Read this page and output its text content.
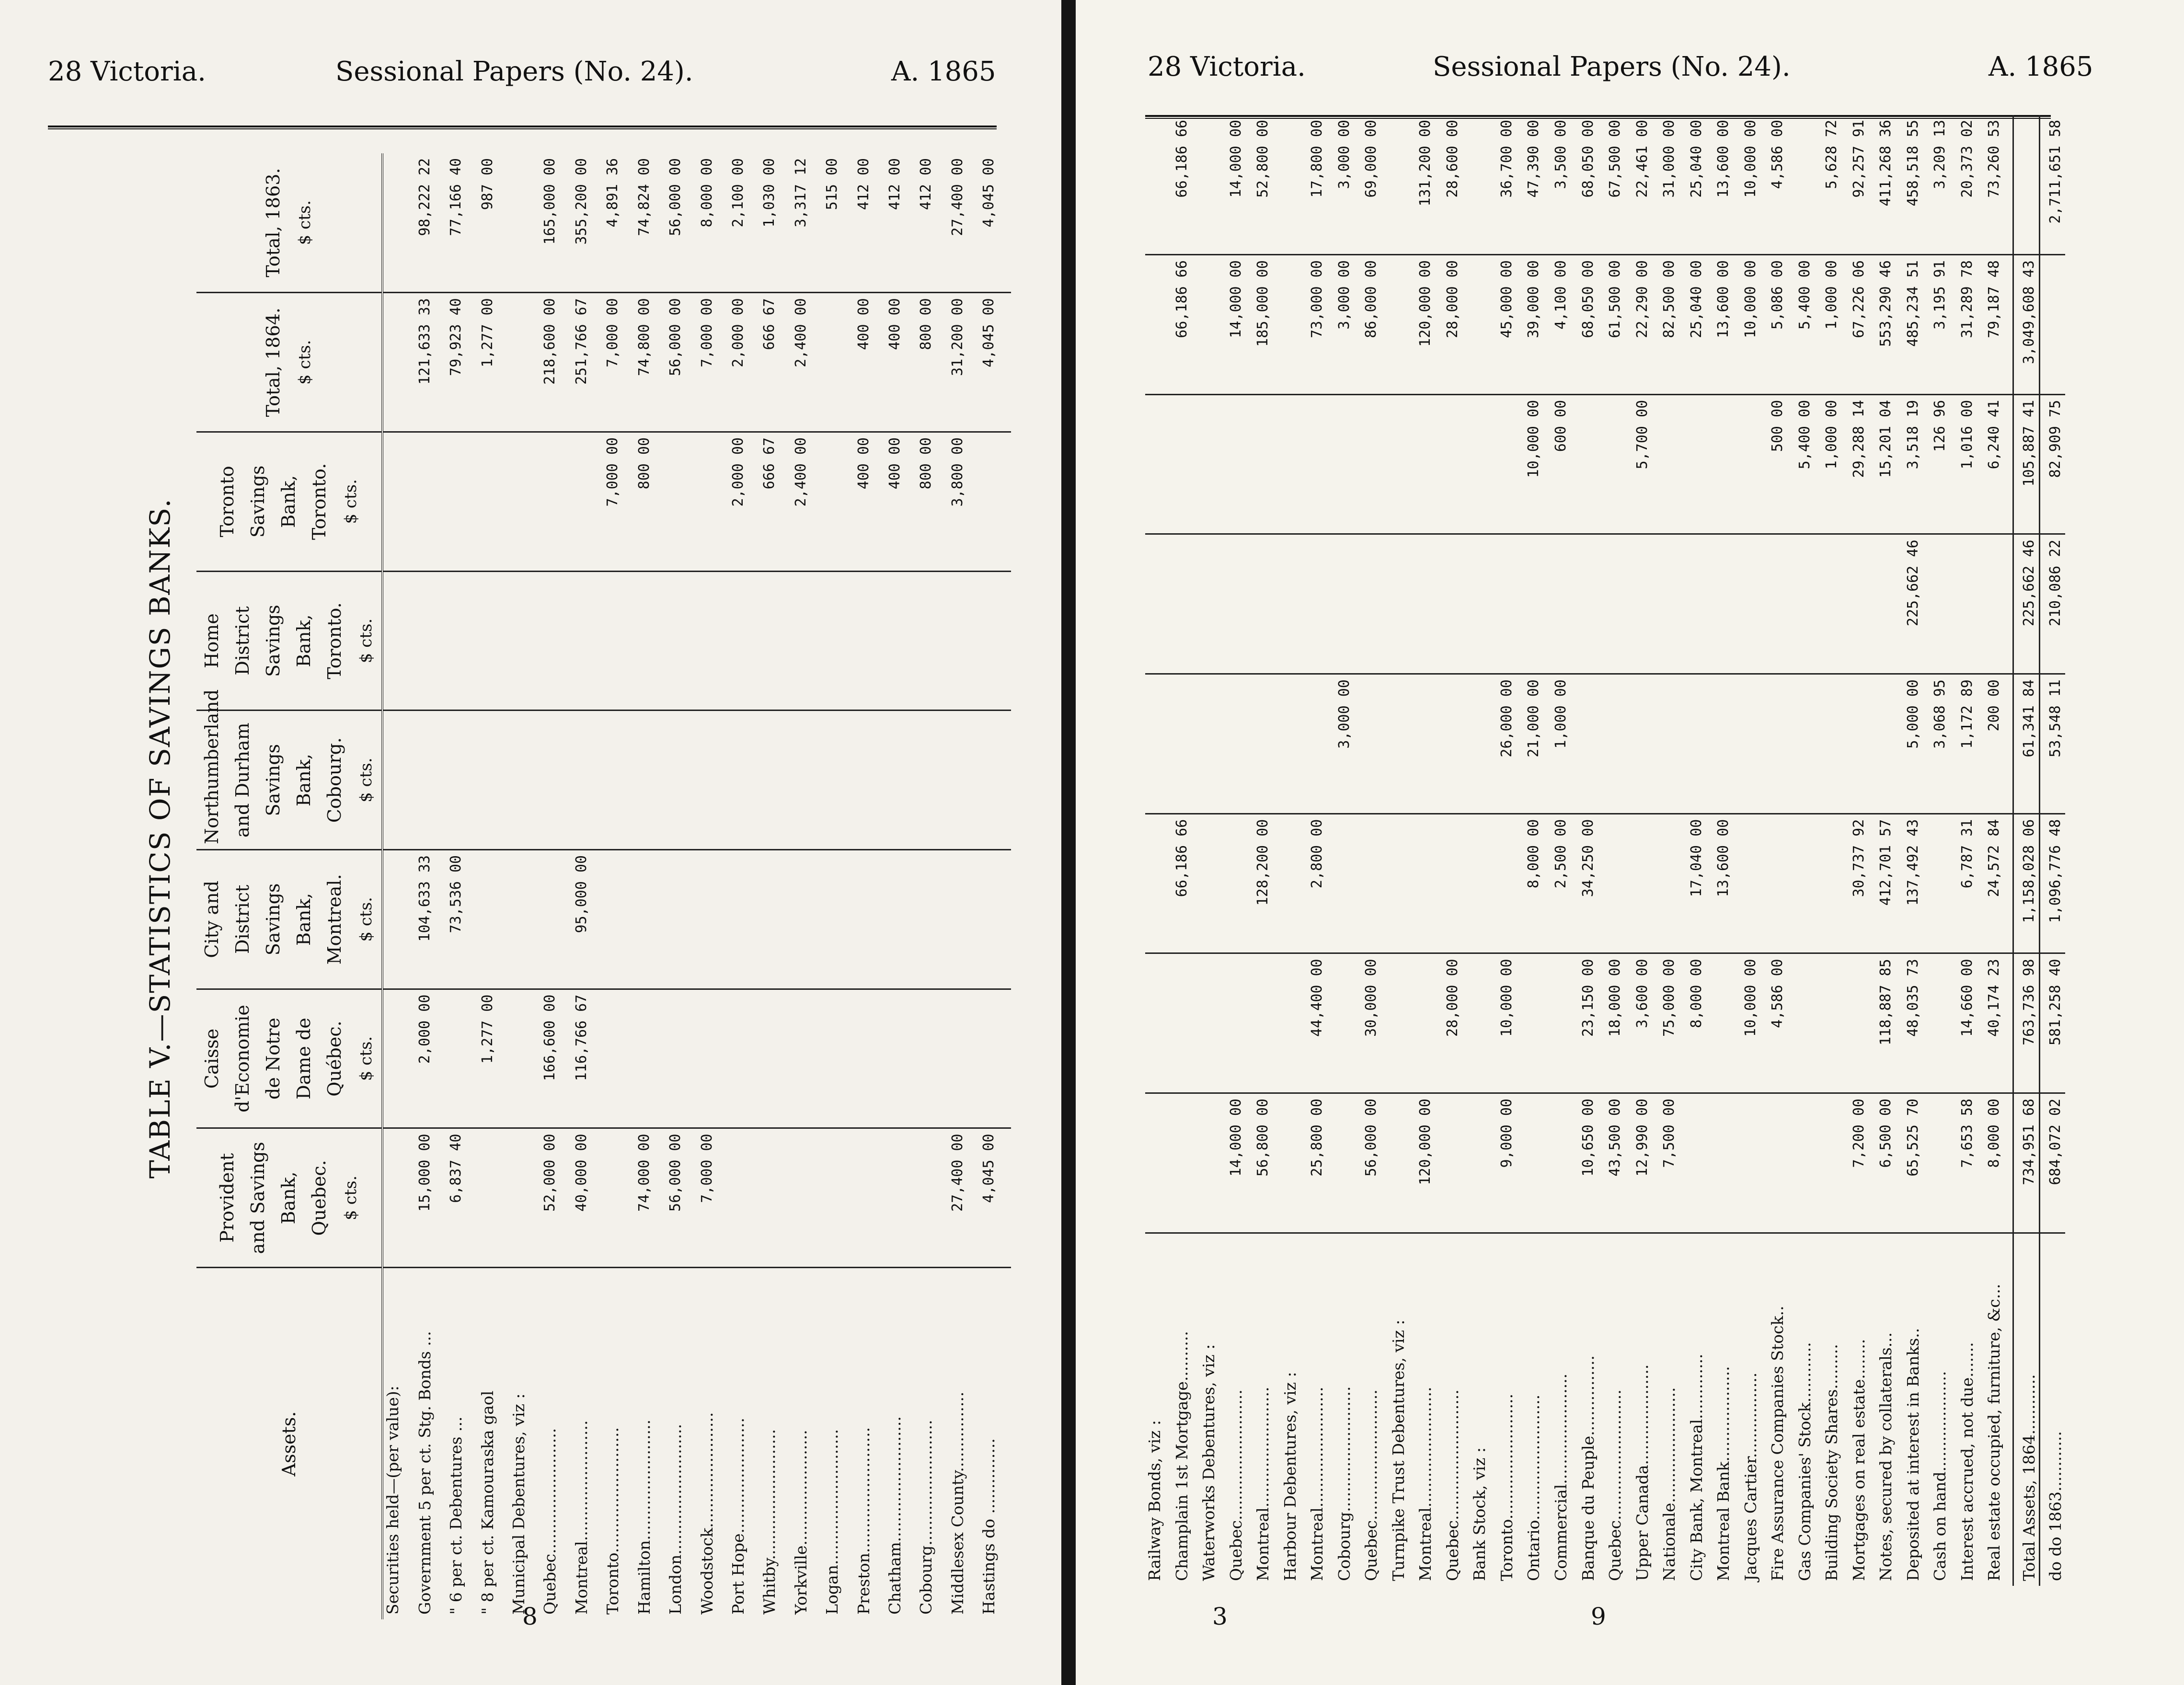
28 Victoria.	Sessional Papers (No. 24).	A. 1865
TABLE V.—STATISTICS OF SAVINGS BANKS.
Assets.	Provident and Savings Bank, Quebec. $ cts.	Caisse d'Economie de Notre Dame de Québec. $ cts.	City and District Savings Bank, Montreal. $ cts.	Northumberland and Durham Savings Bank, Cobourg. $ cts.	Home District Savings Bank, Toronto. $ cts.	Toronto Savings Bank, Toronto. $ cts.	Total, 1864. $ cts.	Total, 1863. $ cts.
Securities held—(per value):								
Government 5 per ct. Stg. Bonds ...	15,000 00	2,000 00	104,633 33				121,633 33	98,222 22
" 6 per ct. Debentures ...	6,837 40		73,536 00				79,923 40	77,166 40
" 8 per ct. Kamouraska gaol		1,277 00					1,277 00	987 00
Municipal Debentures, viz :								
Quebec.........................	52,000 00	166,600 00					218,600 00	165,000 00
Montreal........................	40,000 00	116,766 67	95,000 00				251,766 67	355,200 00
Toronto.........................						7,000 00	7,000 00	4,891 36
Hamilton........................	74,000 00					800 00	74,800 00	74,824 00
London..........................	56,000 00						56,000 00	56,000 00
Woodstock.......................	7,000 00						7,000 00	8,000 00
Port Hope.......................						2,000 00	2,000 00	2,100 00
Whitby..........................						666 67	666 67	1,030 00
Yorkville.......................						2,400 00	2,400 00	3,317 12
Logan...........................								515 00
Preston.........................						400 00	400 00	412 00
Chatham.........................						400 00	400 00	412 00
Cobourg.........................						800 00	800 00	412 00
Middlesex County................	27,400 00					3,800 00	31,200 00	27,400 00
Hastings do ...............	4,045 00						4,045 00	4,045 00
8
28 Victoria.	Sessional Papers (No. 24).	A. 1865
Railway Bonds, viz :								
Champlain 1st Mortgage..........			66,186 66				66,186 66	66,186 66
Waterworks Debentures, viz :								
Quebec..........................	14,000 00						14,000 00	14,000 00
Montreal........................	56,800 00		128,200 00				185,000 00	52,800 00
Harbour Debentures, viz :								
Montreal........................	25,800 00	44,400 00	2,800 00				73,000 00	17,800 00
Cobourg.........................				3,000 00			3,000 00	3,000 00
Quebec..........................	56,000 00	30,000 00					86,000 00	69,000 00
Turnpike Trust Debentures, viz :								
Montreal........................	120,000 00						120,000 00	131,200 00
Quebec..........................		28,000 00					28,000 00	28,600 00
Bank Stock, viz :								
Toronto.........................	9,000 00	10,000 00		26,000 00			45,000 00	36,700 00
Ontario.........................			8,000 00	21,000 00		10,000 00	39,000 00	47,390 00
Commercial......................			2,500 00	1,000 00		600 00	4,100 00	3,500 00
Banque du Peuple................	10,650 00	23,150 00	34,250 00				68,050 00	68,050 00
Quebec..........................	43,500 00	18,000 00					61,500 00	67,500 00
Upper Canada....................	12,990 00	3,600 00				5,700 00	22,290 00	22,461 00
Nationale.......................	7,500 00	75,000 00					82,500 00	31,000 00
City Bank, Montreal.............		8,000 00	17,040 00				25,040 00	25,040 00
Montreal Bank...................			13,600 00				13,600 00	13,600 00
Jacques Cartier.................		10,000 00					10,000 00	10,000 00
Fire Assurance Companies Stock..		4,586 00				500 00	5,086 00	4,586 00
Gas Companies' Stock............						5,400 00	5,400 00	
Building Society Shares.........						1,000 00	1,000 00	5,628 72
Mortgages on real estate........	7,200 00		30,737 92			29,288 14	67,226 06	92,257 91
Notes, secured by collaterals...	6,500 00	118,887 85	412,701 57			15,201 04	553,290 46	411,268 36
Deposited at interest in Banks..	65,525 70	48,035 73	137,492 43	5,000 00	225,662 46	3,518 19	485,234 51	458,518 55
Cash on hand....................				3,068 95		126 96	3,195 91	3,209 13
Interest accrued, not due.......	7,653 58	14,660 00	6,787 31	1,172 89		1,016 00	31,289 78	20,373 02
Real estate occupied, furniture, &c...	8,000 00	40,174 23	24,572 84	200 00		6,240 41	79,187 48	73,260 53
Total Assets, 1864............	734,951 68	763,736 98	1,158,028 06	61,341 84	225,662 46	105,887 41	3,049,608 43	
do do 1863............	684,072 02	581,258 40	1,096,776 48	53,548 11	210,086 22	82,909 75		2,711,651 58
3	9
